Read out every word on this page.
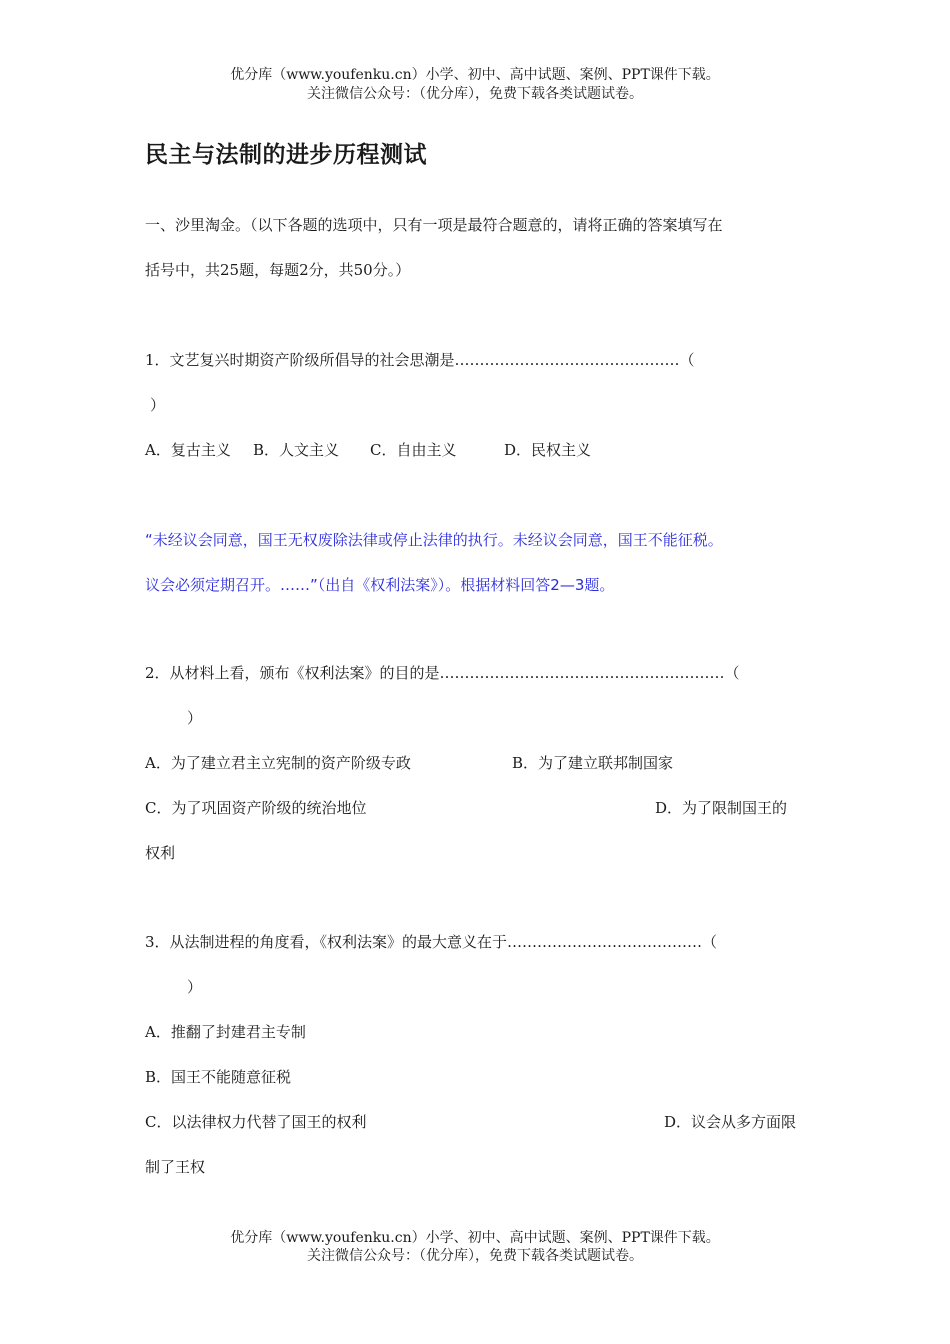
优分库（www.youfenku.cn）小学、初中、高中试题、案例、PPT课件下载。
关注微信公众号：（优分库），免费下载各类试题试卷。
民主与法制的进步历程测试
一、沙里淘金。（以下各题的选项中，只有一项是最符合题意的，请将正确的答案填写在
括号中，共25题，每题2分，共50分。）
1．文艺复兴时期资产阶级所倡导的社会思潮是………………………………………（
）
A．复古主义 B．人文主义 C．自由主义	D．民权主义
“未经议会同意，国王无权废除法律或停止法律的执行。未经议会同意，国王不能征税。
议会必须定期召开。……”（出自《权利法案》）。根据材料回答2—3题。
2．从材料上看，颁布《权利法案》的目的是…………………………………………………（
）
A．为了建立君主立宪制的资产阶级专政	B．为了建立联邦制国家
C．为了巩固资产阶级的统治地位	D．为了限制国王的
权利
3．从法制进程的角度看，《权利法案》的最大意义在于…………………………………（
）
A．推翻了封建君主专制
B．国王不能随意征税
C．以法律权力代替了国王的权利	D．议会从多方面限
制了王权
优分库（www.youfenku.cn）小学、初中、高中试题、案例、PPT课件下载。
关注微信公众号：（优分库），免费下载各类试题试卷。
